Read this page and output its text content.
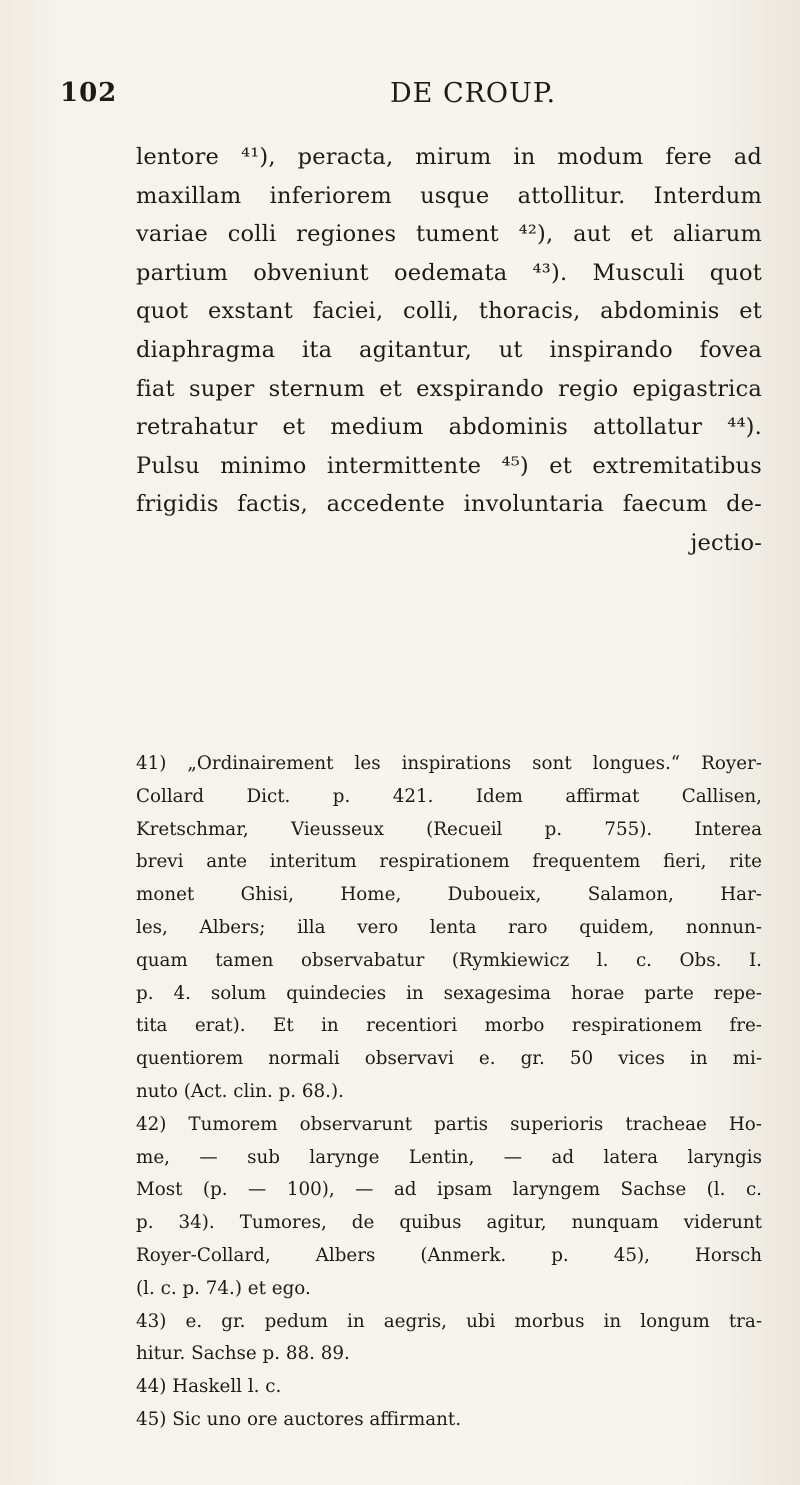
102	DE CROUP.
lentore ⁴¹), peracta, mirum in modum fere ad
maxillam inferiorem usque attollitur. Interdum
variae colli regiones tument ⁴²), aut et aliarum
partium obveniunt oedemata ⁴³). Musculi quot
quot exstant faciei, colli, thoracis, abdominis et
diaphragma ita agitantur, ut inspirando fovea
fiat super sternum et exspirando regio epigastrica
retrahatur et medium abdominis attollatur ⁴⁴).
Pulsu minimo intermittente ⁴⁵) et extremitatibus
frigidis factis, accedente involuntaria faecum de-
jectio-
41) „Ordinairement les inspirations sont longues.“ Royer-
Collard Dict. p. 421. Idem affirmat Callisen,
Kretschmar, Vieusseux (Recueil p. 755). Interea
brevi ante interitum respirationem frequentem fieri, rite
monet Ghisi, Home, Duboueix, Salamon, Har-
les, Albers; illa vero lenta raro quidem, nonnun-
quam tamen observabatur (Rymkiewicz l. c. Obs. I.
p. 4. solum quindecies in sexagesima horae parte repe-
tita erat). Et in recentiori morbo respirationem fre-
quentiorem normali observavi e. gr. 50 vices in mi-
nuto (Act. clin. p. 68.).
42) Tumorem observarunt partis superioris tracheae Ho-
me, — sub larynge Lentin, — ad latera laryngis
Most (p. — 100), — ad ipsam laryngem Sachse (l. c.
p. 34). Tumores, de quibus agitur, nunquam viderunt
Royer-Collard, Albers (Anmerk. p. 45), Horsch
(l. c. p. 74.) et ego.
43) e. gr. pedum in aegris, ubi morbus in longum tra-
hitur. Sachse p. 88. 89.
44) Haskell l. c.
45) Sic uno ore auctores affirmant.
